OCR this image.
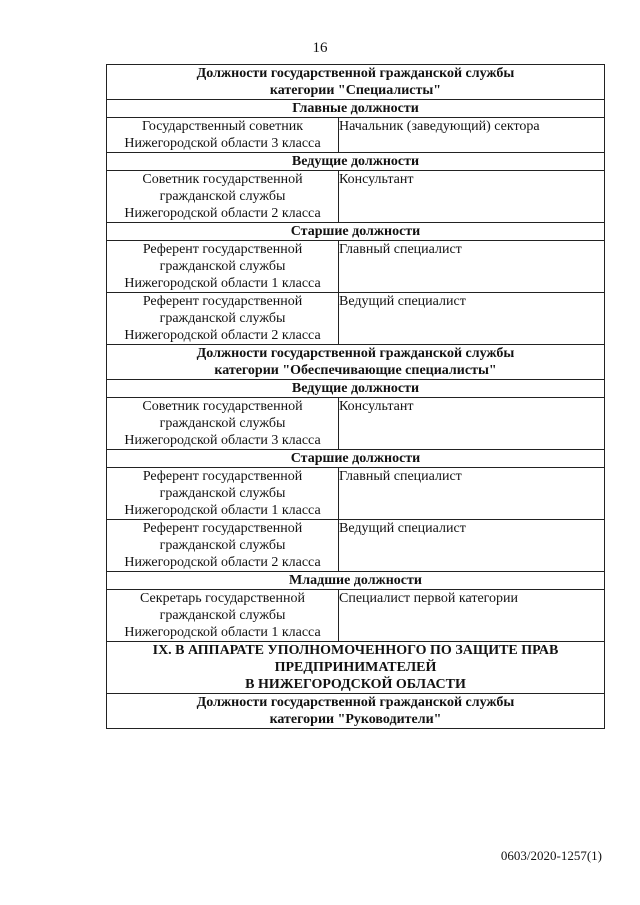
16
Должности государственной гражданской службы
категории "Специалисты"	
Главные должности	
Государственный советник
Нижегородской области 3 класса	Начальник (заведующий) сектора
Ведущие должности	
Советник государственной
гражданской службы
Нижегородской области 2 класса	Консультант
Старшие должности	
Референт государственной
гражданской службы
Нижегородской области 1 класса	Главный специалист
Референт государственной
гражданской службы
Нижегородской области 2 класса	Ведущий специалист
Должности государственной гражданской службы
категории "Обеспечивающие специалисты"	
Ведущие должности	
Советник государственной
гражданской службы
Нижегородской области 3 класса	Консультант
Старшие должности	
Референт государственной
гражданской службы
Нижегородской области 1 класса	Главный специалист
Референт государственной
гражданской службы
Нижегородской области 2 класса	Ведущий специалист
Младшие должности	
Секретарь государственной
гражданской службы
Нижегородской области 1 класса	Специалист первой категории
IX. В АППАРАТЕ УПОЛНОМОЧЕННОГО ПО ЗАЩИТЕ ПРАВ
ПРЕДПРИНИМАТЕЛЕЙ
В НИЖЕГОРОДСКОЙ ОБЛАСТИ	
Должности государственной гражданской службы
категории "Руководители"	
0603/2020-1257(1)
